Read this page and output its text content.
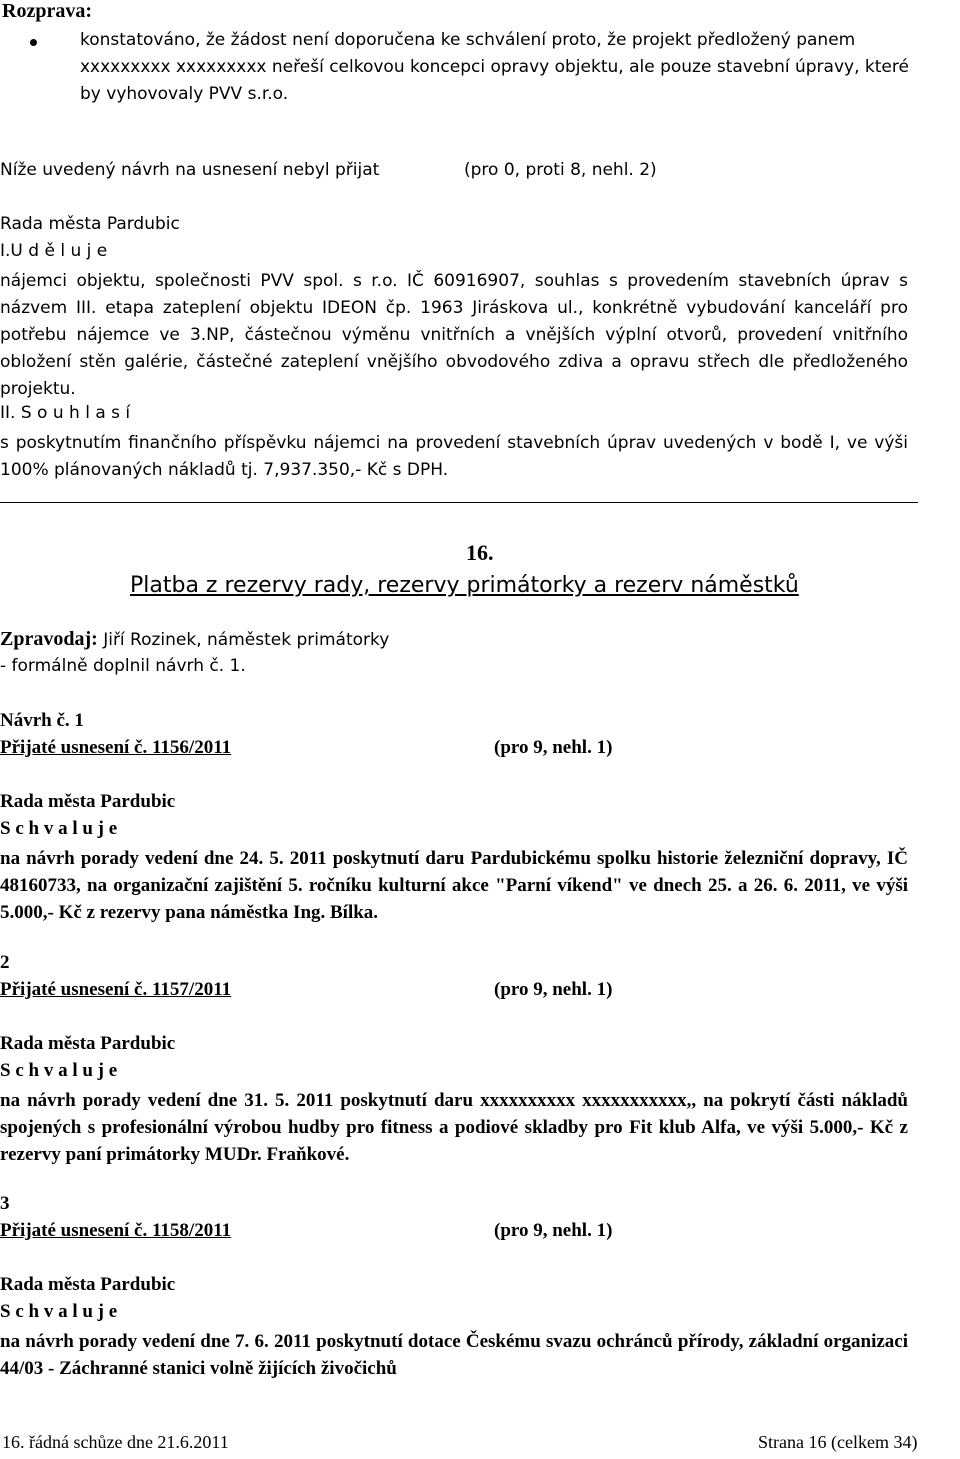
Rozprava:
konstatováno, že žádost není doporučena ke schválení proto, že projekt předložený panem xxxxxxxxx xxxxxxxxx neřeší celkovou koncepci opravy objektu, ale pouze stavební úpravy, které by vyhovovaly PVV s.r.o.
Níže uvedený návrh na usnesení nebyl přijat	(pro 0, proti 8, nehl. 2)
Rada města Pardubic
I.U d ě l u j e
nájemci objektu, společnosti PVV spol. s r.o. IČ 60916907, souhlas s provedením stavebních úprav s názvem III. etapa zateplení objektu IDEON čp. 1963 Jiráskova ul., konkrétně vybudování kanceláří pro potřebu nájemce ve 3.NP, částečnou výměnu vnitřních a vnějších výplní otvorů, provedení vnitřního obložení stěn galérie, částečné zateplení vnějšího obvodového zdiva a opravu střech dle předloženého projektu.
II. S o u h l a s í
s poskytnutím finančního příspěvku nájemci na provedení stavebních úprav uvedených v bodě I, ve výši 100% plánovaných nákladů tj. 7,937.350,- Kč s DPH.
16.
Platba z rezervy rady, rezervy primátorky a rezerv náměstků
Zpravodaj: Jiří Rozinek, náměstek primátorky
- formálně doplnil návrh č. 1.
Návrh č. 1
Přijaté usnesení č. 1156/2011	(pro 9, nehl. 1)
Rada města Pardubic
S c h v a l u j e
na návrh porady vedení dne 24. 5. 2011 poskytnutí daru Pardubickému spolku historie železniční dopravy, IČ 48160733, na organizační zajištění 5. ročníku kulturní akce "Parní víkend" ve dnech 25. a 26. 6. 2011, ve výši 5.000,- Kč z rezervy pana náměstka Ing. Bílka.
2
Přijaté usnesení č. 1157/2011	(pro 9, nehl. 1)
Rada města Pardubic
S c h v a l u j e
na návrh porady vedení dne 31. 5. 2011 poskytnutí daru xxxxxxxxxx xxxxxxxxxxx,, na pokrytí části nákladů spojených s profesionální výrobou hudby pro fitness a podiové skladby pro Fit klub Alfa, ve výši 5.000,- Kč z rezervy paní primátorky MUDr. Fraňkové.
3
Přijaté usnesení č. 1158/2011	(pro 9, nehl. 1)
Rada města Pardubic
S c h v a l u j e
na návrh porady vedení dne 7. 6. 2011 poskytnutí dotace Českému svazu ochránců přírody, základní organizaci 44/03 - Záchranné stanici volně žijících živočichů
16. řádná schůze dne 21.6.2011	Strana 16 (celkem 34)
